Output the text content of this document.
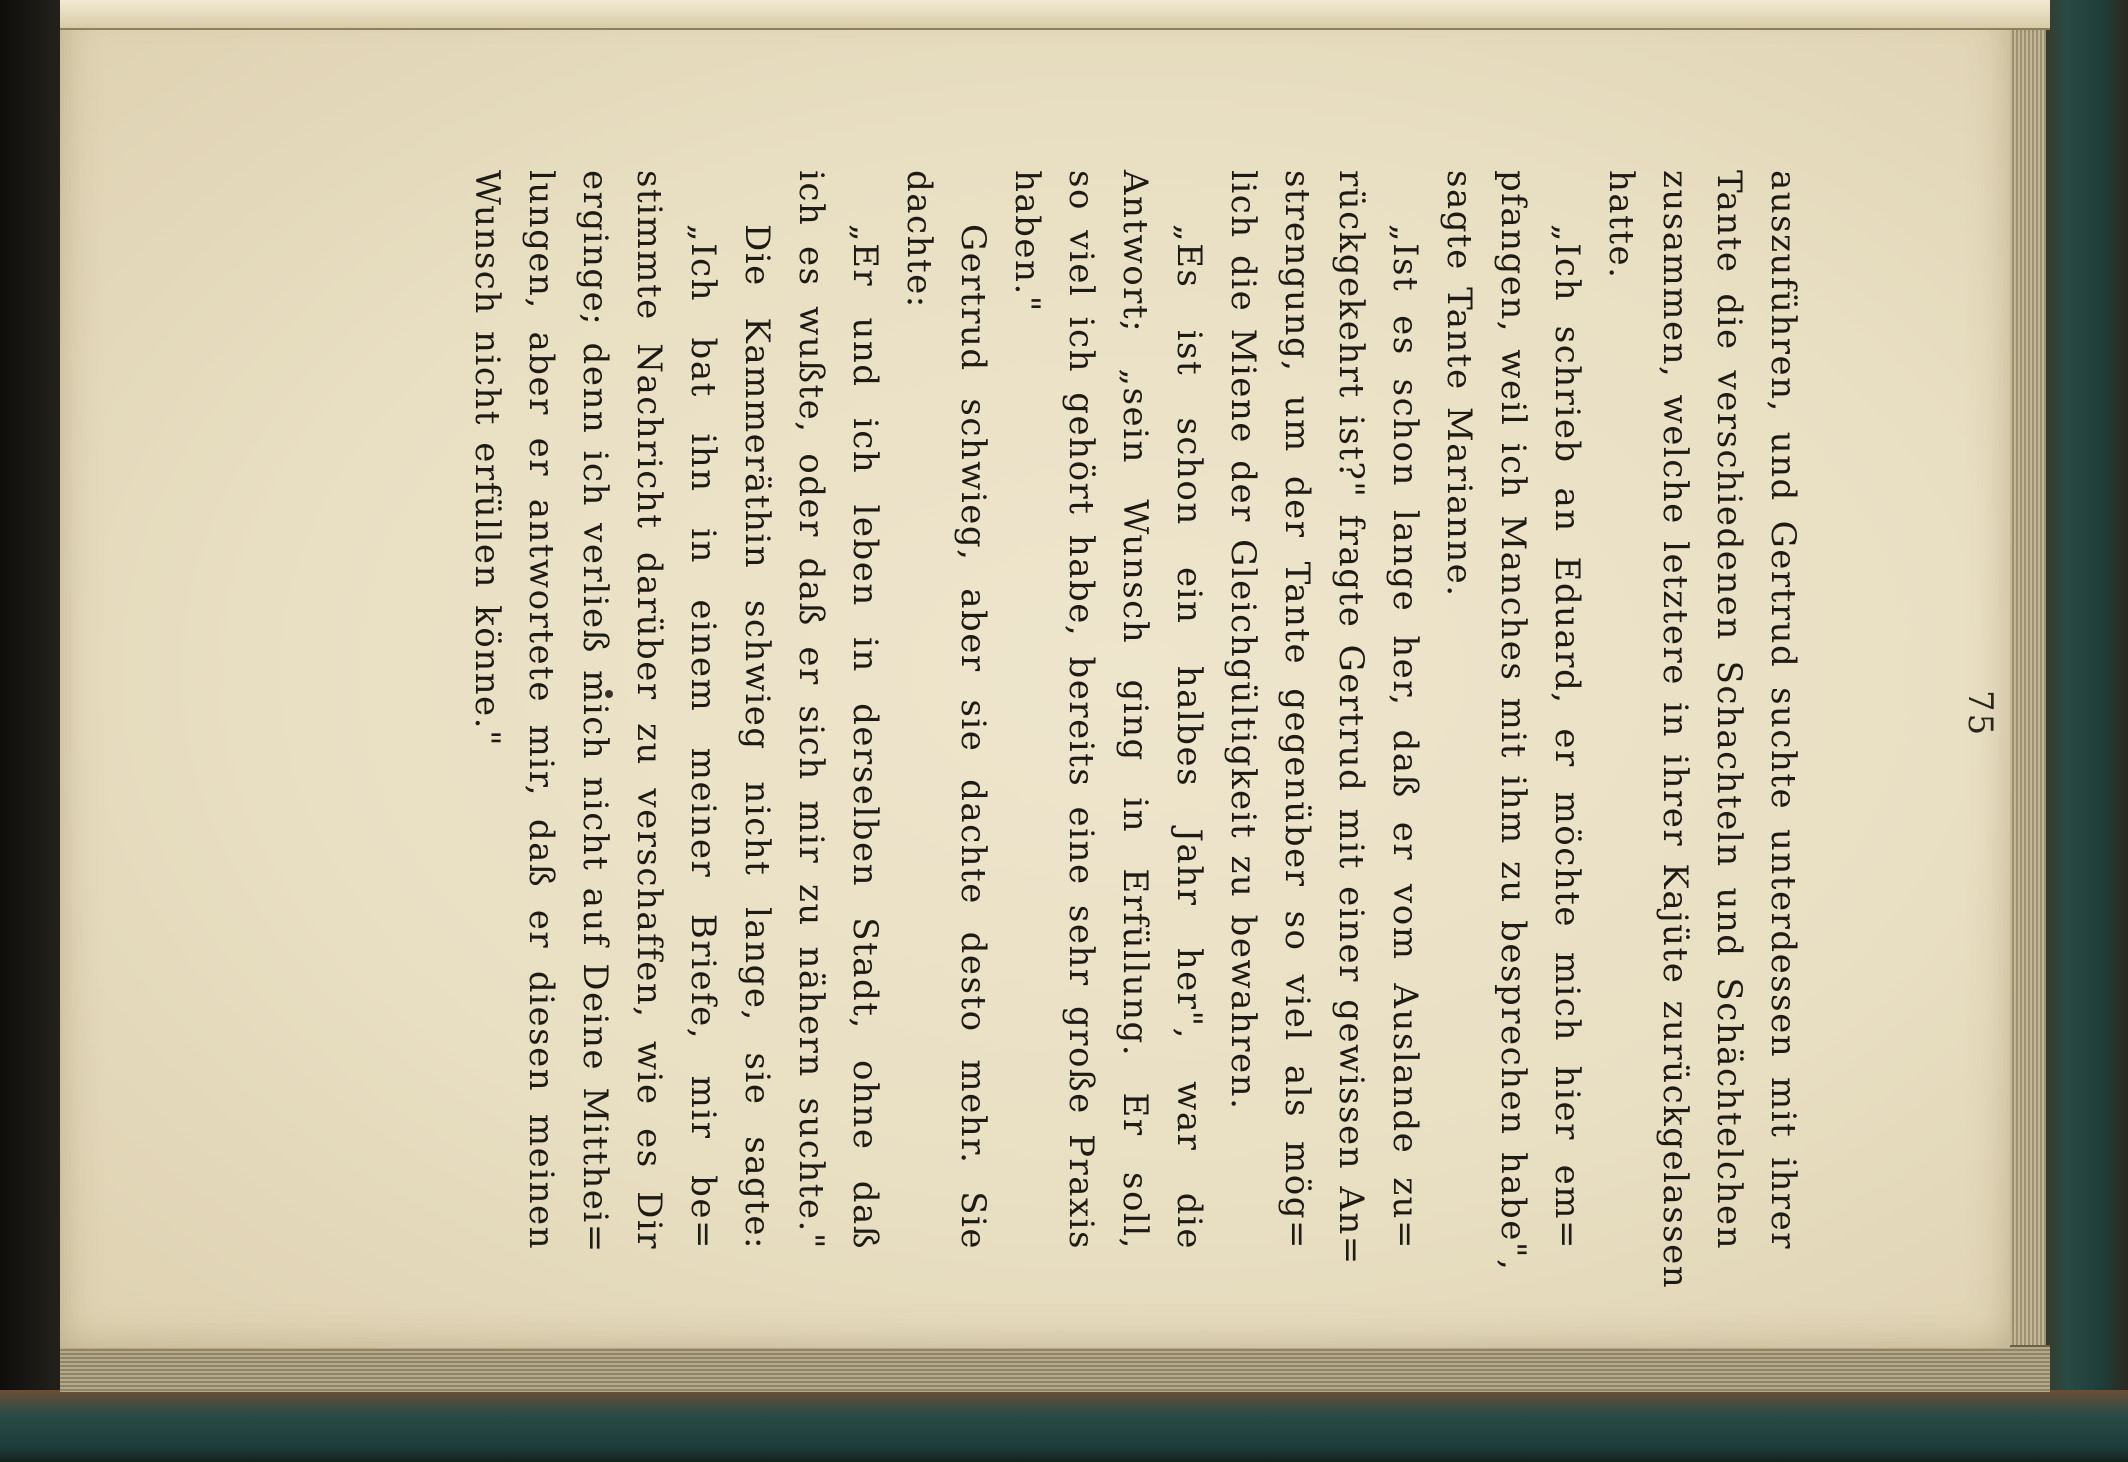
75
auszuführen, und Gertrud suchte unterdessen mit ihrer
Tante die verschiedenen Schachteln und Schächtelchen
zusammen, welche letztere in ihrer Kajüte zurückgelassen
hatte.
„Ich schrieb an Eduard, er möchte mich hier em=
pfangen, weil ich Manches mit ihm zu besprechen habe",
sagte Tante Marianne.
„Ist es schon lange her, daß er vom Auslande zu=
rückgekehrt ist?" fragte Gertrud mit einer gewissen An=
strengung, um der Tante gegenüber so viel als mög=
lich die Miene der Gleichgültigkeit zu bewahren.
„Es ist schon ein halbes Jahr her", war die
Antwort; „sein Wunsch ging in Erfüllung. Er soll,
so viel ich gehört habe, bereits eine sehr große Praxis
haben."
Gertrud schwieg, aber sie dachte desto mehr. Sie
dachte:
„Er und ich leben in derselben Stadt, ohne daß
ich es wußte, oder daß er sich mir zu nähern suchte."
Die Kammeräthin schwieg nicht lange, sie sagte:
„Ich bat ihn in einem meiner Briefe, mir be=
stimmte Nachricht darüber zu verschaffen, wie es Dir
erginge; denn ich verließ mich nicht auf Deine Mitthei=
lungen, aber er antwortete mir, daß er diesen meinen
Wunsch nicht erfüllen könne."
